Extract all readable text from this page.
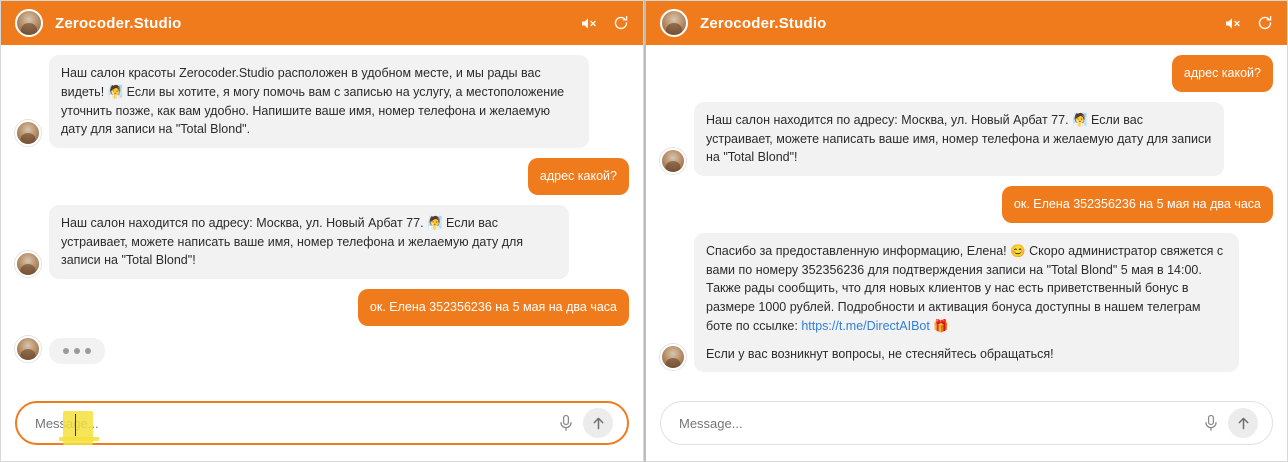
Zerocoder.Studio
Наш салон красоты Zerocoder.Studio расположен в удобном месте, и мы рады вас видеть! 🧖 Если вы хотите, я могу помочь вам с записью на услугу, а местоположение уточнить позже, как вам удобно. Напишите ваше имя, номер телефона и желаемую дату для записи на "Total Blond".
адрес какой?
Наш салон находится по адресу: Москва, ул. Новый Арбат 77. 🧖 Если вас устраивает, можете написать ваше имя, номер телефона и желаемую дату для записи на "Total Blond"!
ок. Елена 352356236 на 5 мая на два часа
Message...
Zerocoder.Studio
адрес какой?
Наш салон находится по адресу: Москва, ул. Новый Арбат 77. 🧖 Если вас устраивает, можете написать ваше имя, номер телефона и желаемую дату для записи на "Total Blond"!
ок. Елена 352356236 на 5 мая на два часа
Спасибо за предоставленную информацию, Елена! 😊 Скоро администратор свяжется с вами по номеру 352356236 для подтверждения записи на "Total Blond" 5 мая в 14:00. Также рады сообщить, что для новых клиентов у нас есть приветственный бонус в размере 1000 рублей. Подробности и активация бонуса доступны в нашем телеграм боте по ссылке: https://t.me/DirectAIBot 🎁
Если у вас возникнут вопросы, не стесняйтесь обращаться!
Message...
